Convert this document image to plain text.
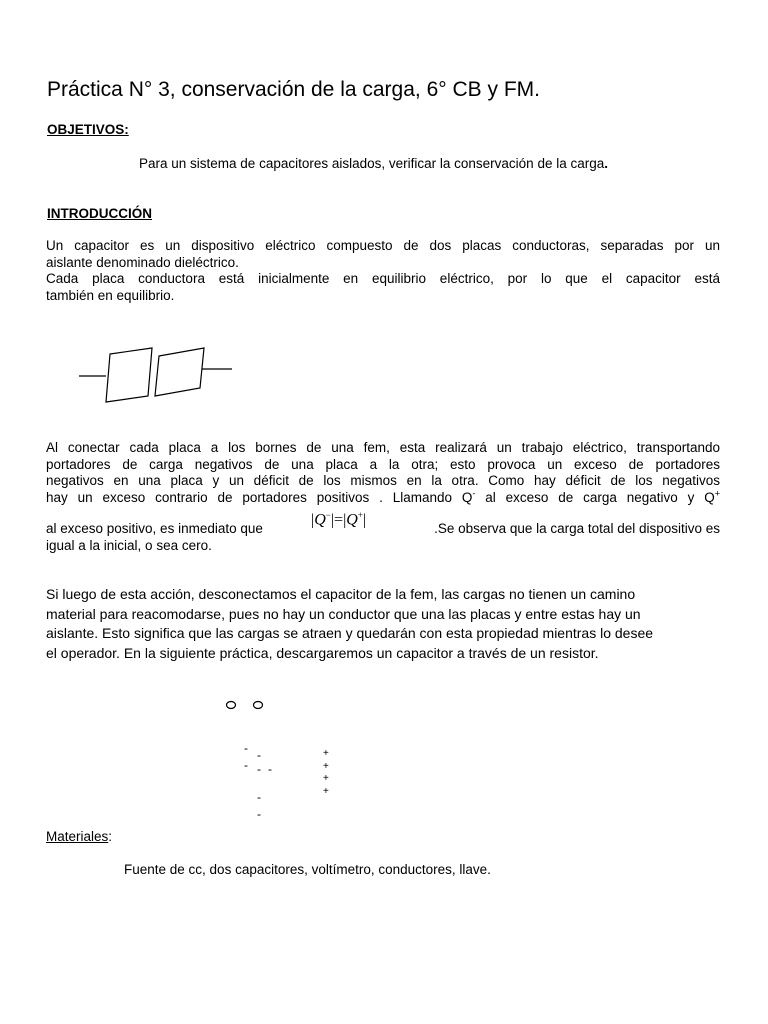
Práctica N° 3, conservación de la carga, 6° CB y FM.
OBJETIVOS:
Para un sistema de capacitores aislados, verificar la conservación de la carga.
INTRODUCCIÓN
Un capacitor es un dispositivo eléctrico compuesto de dos placas conductoras, separadas por un
aislante denominado dieléctrico.
Cada placa conductora está inicialmente en equilibrio eléctrico, por lo que el capacitor está
también en equilibrio.
Al conectar cada placa a los bornes de una fem, esta realizará un trabajo eléctrico, transportando
portadores de carga negativos de una placa a la otra; esto provoca un exceso de portadores
negativos en una placa y un déficit de los mismos en la otra. Como hay déficit de los negativos
hay un exceso contrario de portadores positivos . Llamando Q- al exceso de carga negativo y Q+
al exceso positivo, es inmediato que
|Q−|=|Q+|
.Se observa que la carga total del dispositivo es
igual a la inicial, o sea cero.
Si luego de esta acción, desconectamos el capacitor de la fem, las cargas no tienen un camino
material para reacomodarse, pues no hay un conductor que una las placas y entre estas hay un
aislante. Esto significa que las cargas se atraen y quedarán con esta propiedad mientras lo desee
el operador. En la siguiente práctica, descargaremos un capacitor a través de un resistor.
- -
- - -
-
-
+
+
+
+
Materiales:
Fuente de cc, dos capacitores, voltímetro, conductores, llave.
